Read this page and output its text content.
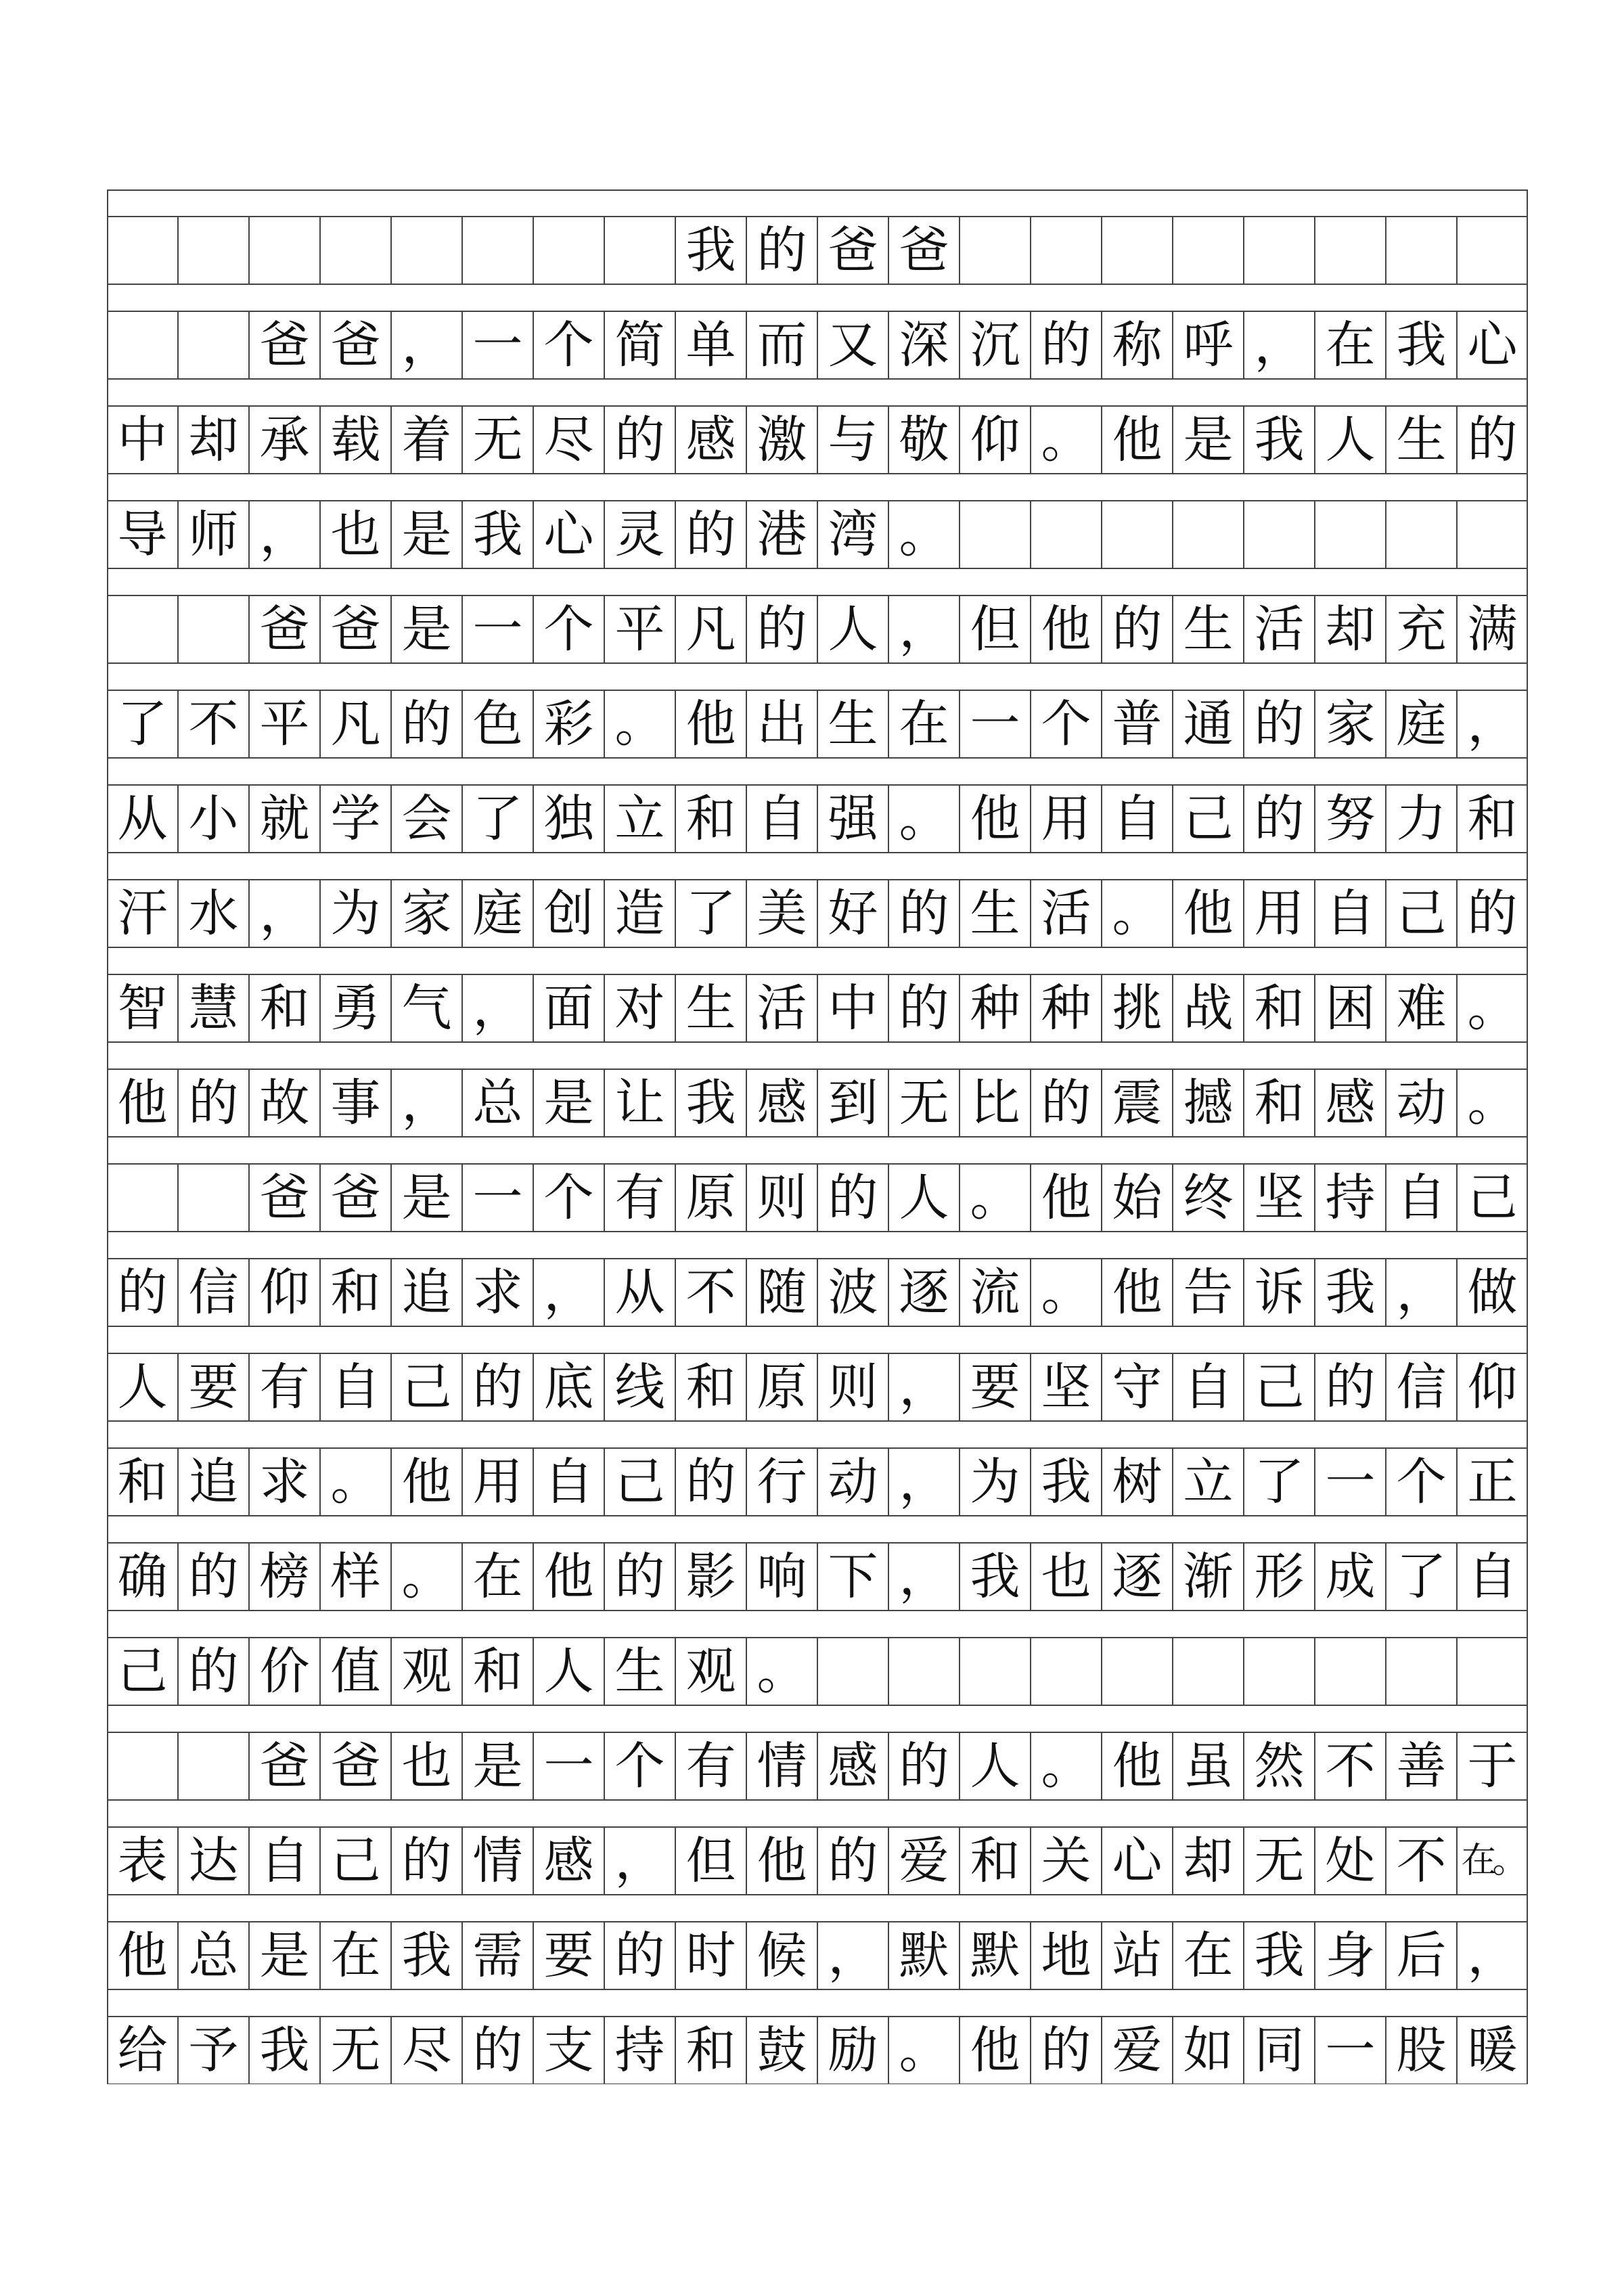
我 的 爸 爸
爸 爸 ， 一 个 简 单 而 又 深 沉 的 称 呼 ， 在 我 心
中 却 承 载 着 无 尽 的 感 激 与 敬 仰 。 他 是 我 人 生 的
导 师 ， 也 是 我 心 灵 的 港 湾 。
爸 爸 是 一 个 平 凡 的 人 ， 但 他 的 生 活 却 充 满
了 不 平 凡 的 色 彩 。 他 出 生 在 一 个 普 通 的 家 庭 ，
从 小 就 学 会 了 独 立 和 自 强 。 他 用 自 己 的 努 力 和
汗 水 ， 为 家 庭 创 造 了 美 好 的 生 活 。 他 用 自 己 的
智 慧 和 勇 气 ， 面 对 生 活 中 的 种 种 挑 战 和 困 难 。
他 的 故 事 ， 总 是 让 我 感 到 无 比 的 震 撼 和 感 动 。
爸 爸 是 一 个 有 原 则 的 人 。 他 始 终 坚 持 自 己
的 信 仰 和 追 求 ， 从 不 随 波 逐 流 。 他 告 诉 我 ， 做
人 要 有 自 己 的 底 线 和 原 则 ， 要 坚 守 自 己 的 信 仰
和 追 求 。 他 用 自 己 的 行 动 ， 为 我 树 立 了 一 个 正
确 的 榜 样 。 在 他 的 影 响 下 ， 我 也 逐 渐 形 成 了 自
己 的 价 值 观 和 人 生 观 。
爸 爸 也 是 一 个 有 情 感 的 人 。 他 虽 然 不 善 于
表 达 自 己 的 情 感 ， 但 他 的 爱 和 关 心 却 无 处 不 在。
他 总 是 在 我 需 要 的 时 候 ， 默 默 地 站 在 我 身 后 ，
给 予 我 无 尽 的 支 持 和 鼓 励 。 他 的 爱 如 同 一 股 暖
